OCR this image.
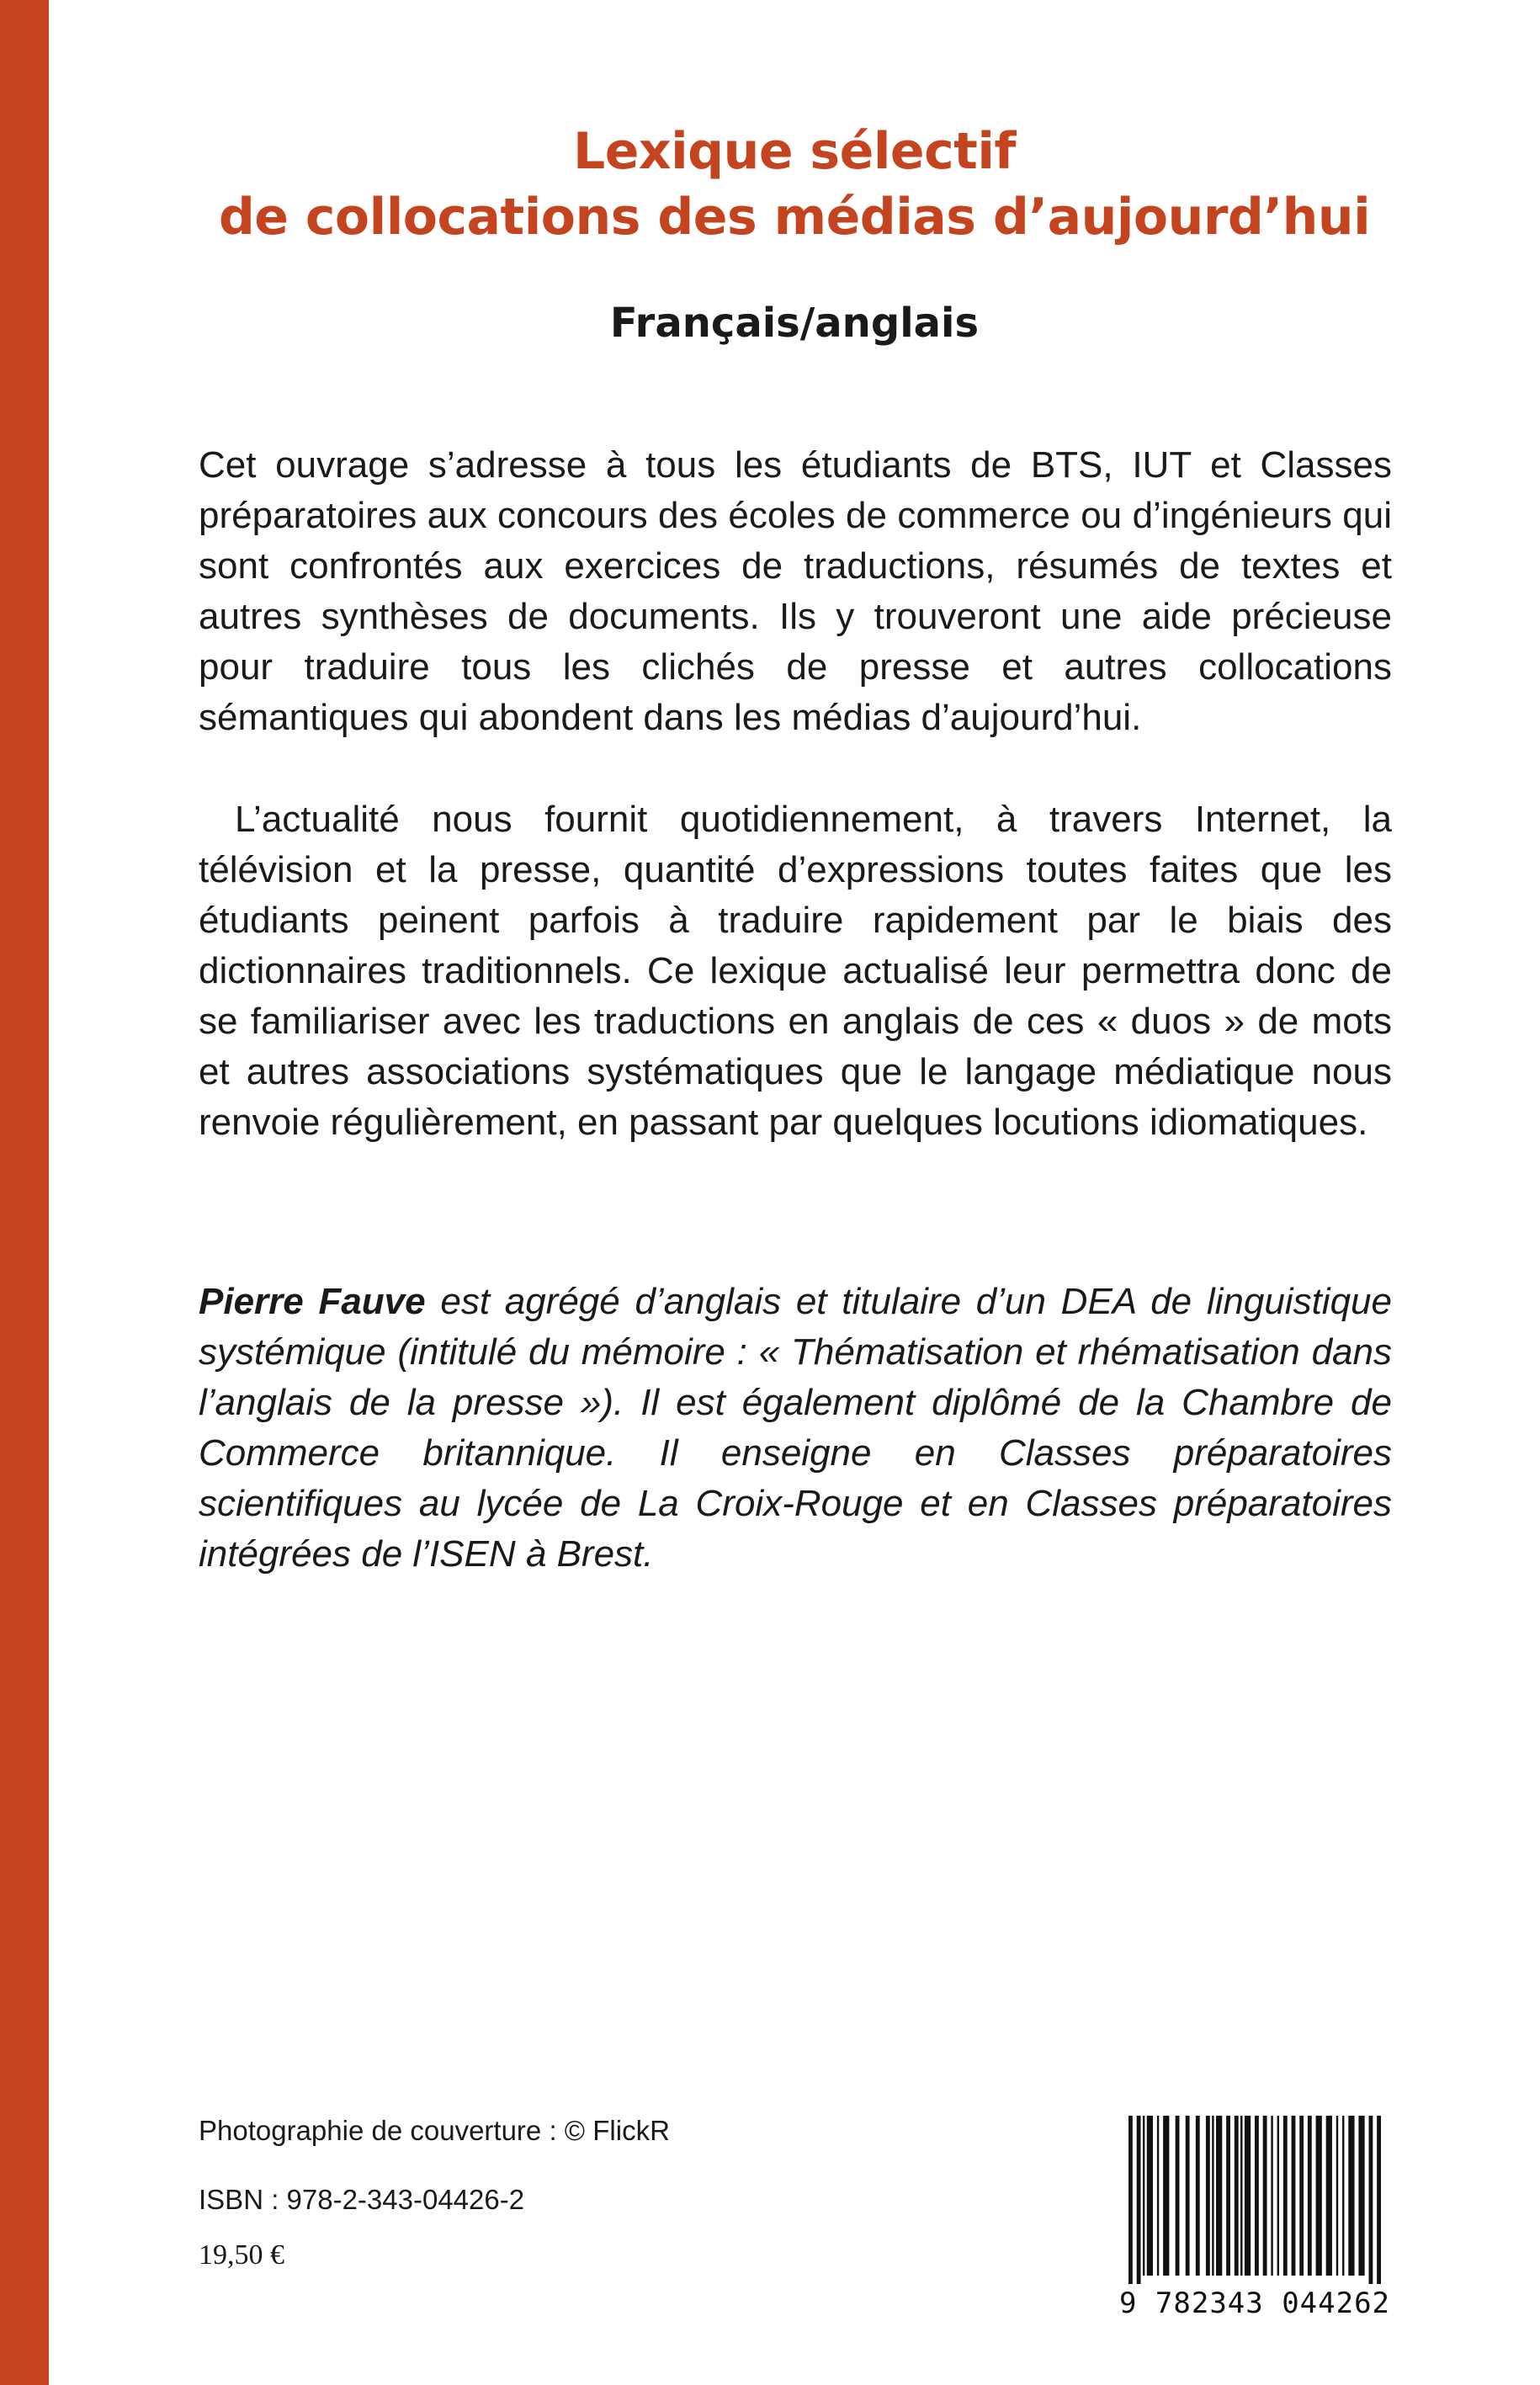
Lexique sélectif
de collocations des médias d’aujourd’hui
Français/anglais
Cet ouvrage s’adresse à tous les étudiants de BTS, IUT et Classes préparatoires aux concours des écoles de commerce ou d’ingénieurs qui sont confrontés aux exercices de traductions, résumés de textes et autres synthèses de documents. Ils y trouveront une aide précieuse pour traduire tous les clichés de presse et autres collocations sémantiques qui abondent dans les médias d’aujourd’hui.
L’actualité nous fournit quotidiennement, à travers Internet, la télévision et la presse, quantité d’expressions toutes faites que les étudiants peinent parfois à traduire rapidement par le biais des dictionnaires traditionnels. Ce lexique actualisé leur permettra donc de se familiariser avec les traductions en anglais de ces « duos » de mots et autres associations systématiques que le langage médiatique nous renvoie régulièrement, en passant par quelques locutions idiomatiques.
Pierre Fauve est agrégé d’anglais et titulaire d’un DEA de linguistique systémique (intitulé du mémoire : « Thématisation et rhématisation dans l’anglais de la presse »). Il est également diplômé de la Chambre de Commerce britannique. Il enseigne en Classes préparatoires scientifiques au lycée de La Croix-Rouge et en Classes préparatoires intégrées de l’ISEN à Brest.
Photographie de couverture : © FlickR
ISBN : 978-2-343-04426-2
19,50 €
9 782343 044262
